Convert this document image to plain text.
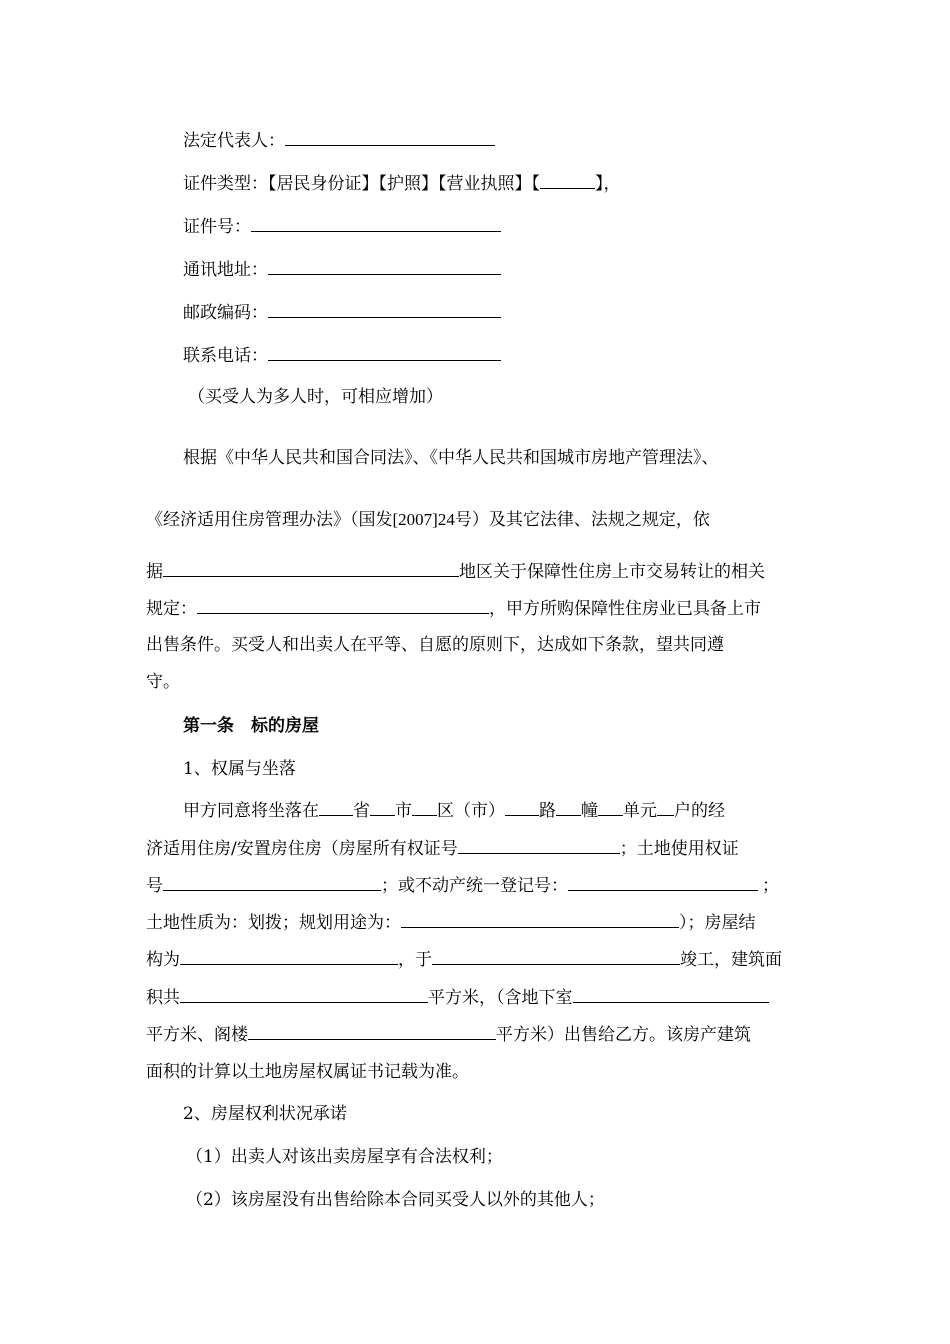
法定代表人：
证件类型：【居民身份证】【护照】【营业执照】【	】，
证件号：
通讯地址：
邮政编码：
联系电话：
（买受人为多人时，可相应增加）
根据《中华人民共和国合同法》、《中华人民共和国城市房地产管理法》、
《经济适用住房管理办法》（国发[2007]24号）及其它法律、法规之规定，依
据	地区关于保障性住房上市交易转让的相关
规定：	，甲方所购保障性住房业已具备上市
出售条件。买受人和出卖人在平等、自愿的原则下，达成如下条款，望共同遵
守。
第一条　标的房屋
1、权属与坐落
甲方同意将坐落在 省 市 区（市） 路 幢 单元 户的经
济适用住房/安置房住房（房屋所有权证号	；土地使用权证
号	；或不动产统一登记号：	；
土地性质为：划拨；规划用途为：	）；房屋结
构为	，于	竣工，建筑面
积共	平方米，（含地下室
平方米、阁楼	平方米）出售给乙方。该房产建筑
面积的计算以土地房屋权属证书记载为准。
2、房屋权利状况承诺
（1）出卖人对该出卖房屋享有合法权利；
（2）该房屋没有出售给除本合同买受人以外的其他人；
